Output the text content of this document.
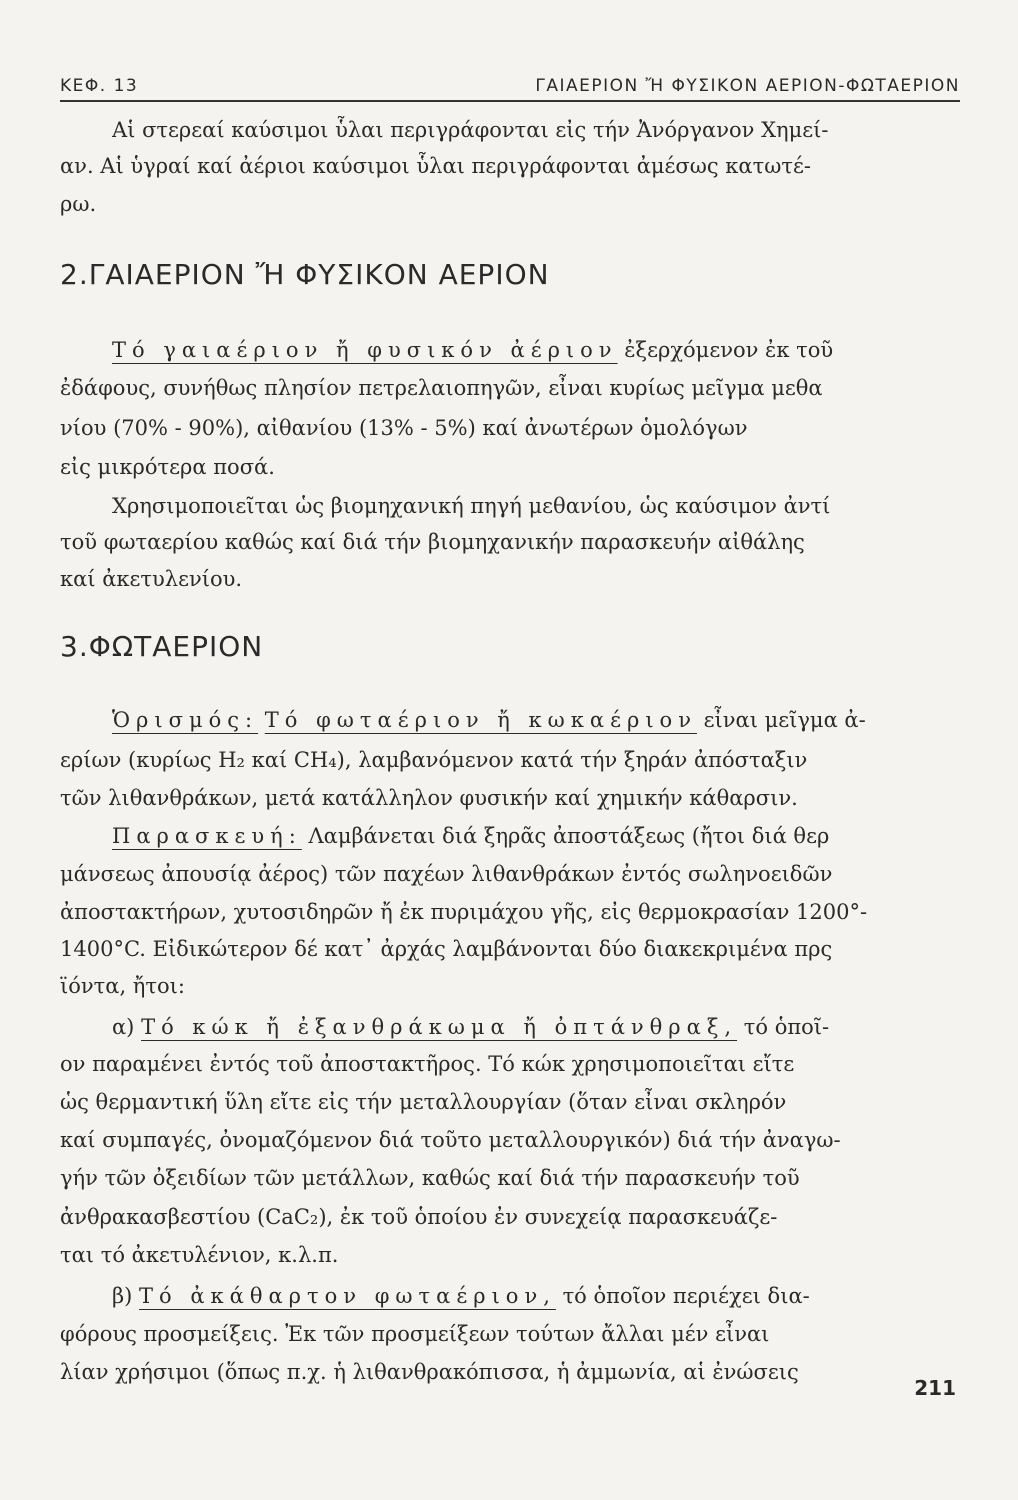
ΚΕΦ. 13	ΓΑΙΑΕΡΙΟΝ Ἤ ΦΥΣΙΚΟΝ ΑΕΡΙΟΝ-ΦΩΤΑΕΡΙΟΝ
Αἱ στερεαί καύσιμοι ὗλαι περιγράφονται εἰς τήν Ἀνόργανον Χημεί-
αν. Αἱ ὑγραί καί ἀέριοι καύσιμοι ὗλαι περιγράφονται ἀμέσως κατωτέ-
ρω.
2.ΓΑΙΑΕΡΙΟΝ Ἤ ΦΥΣΙΚΟΝ ΑΕΡΙΟΝ
Τό γαιαέριον ἤ φυσικόν ἀέριον ἐξερχόμενον ἐκ τοῦ
ἐδάφους, συνήθως πλησίον πετρελαιοπηγῶν, εἶναι κυρίως μεῖγμα μεθα
νίου (70% - 90%), αἰθανίου (13% - 5%) καί ἀνωτέρων ὁμολόγων
εἰς μικρότερα ποσά.
Χρησιμοποιεῖται ὡς βιομηχανική πηγή μεθανίου, ὡς καύσιμον ἀντί
τοῦ φωταερίου καθώς καί διά τήν βιομηχανικήν παρασκευήν αἰθάλης
καί ἀκετυλενίου.
3.ΦΩΤΑΕΡΙΟΝ
Ὁρισμός: Τό φωταέριον ἤ κωκαέριον εἶναι μεῖγμα ἀ-
ερίων (κυρίως H₂ καί CH₄), λαμβανόμενον κατά τήν ξηράν ἀπόσταξιν
τῶν λιθανθράκων, μετά κατάλληλον φυσικήν καί χημικήν κάθαρσιν.
Παρασκευή: Λαμβάνεται διά ξηρᾶς ἀποστάξεως (ἤτοι διά θερ
μάνσεως ἀπουσίᾳ ἀέρος) τῶν παχέων λιθανθράκων ἐντός σωληνοειδῶν
ἀποστακτήρων, χυτοσιδηρῶν ἤ ἐκ πυριμάχου γῆς, εἰς θερμοκρασίαν 1200°-
1400°C. Εἰδικώτερον δέ κατ᾽ ἀρχάς λαμβάνονται δύο διακεκριμένα πρς
ϊόντα, ἤτοι:
α) Τό κώκ ἤ ἐξανθράκωμα ἤ ὀπτάνθραξ, τό ὁποῖ-
ον παραμένει ἐντός τοῦ ἀποστακτῆρος. Τό κώκ χρησιμοποιεῖται εἴτε
ὡς θερμαντική ὕλη εἴτε εἰς τήν μεταλλουργίαν (ὅταν εἶναι σκληρόν
καί συμπαγές, ὀνομαζόμενον διά τοῦτο μεταλλουργικόν) διά τήν ἀναγω-
γήν τῶν ὀξειδίων τῶν μετάλλων, καθώς καί διά τήν παρασκευήν τοῦ
ἀνθρακασβεστίου (CaC₂), ἐκ τοῦ ὁποίου ἐν συνεχείᾳ παρασκευάζε-
ται τό ἀκετυλένιον, κ.λ.π.
β) Τό ἀκάθαρτον φωταέριον, τό ὁποῖον περιέχει δια-
φόρους προσμείξεις. Ἐκ τῶν προσμείξεων τούτων ἄλλαι μέν εἶναι
λίαν χρήσιμοι (ὅπως π.χ. ἡ λιθανθρακόπισσα, ἡ ἀμμωνία, αἱ ἐνώσεις
211
